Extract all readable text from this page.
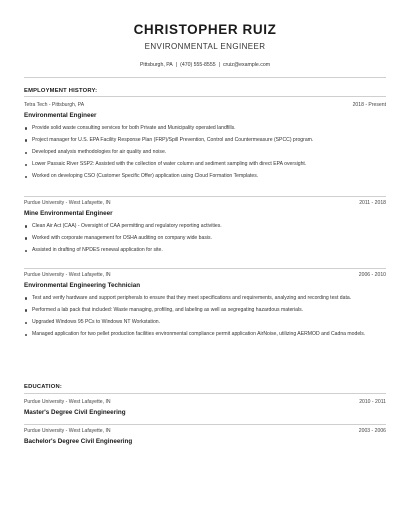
CHRISTOPHER RUIZ
ENVIRONMENTAL ENGINEER
Pittsburgh, PA | (470) 555-8555 | cruiz@example.com
EMPLOYMENT HISTORY:
Tetra Tech - Pittsburgh, PA	2018 - Present
Environmental Engineer
Provide solid waste consulting services for both Private and Municipality operated landfills.
Project manager for U.S. EPA Facility Response Plan (FRP)/Spill Prevention, Control and Countermeasure (SPCC) program.
Developed analysis methodologies for air quality and noise.
Lower Passaic River SSP2: Assisted with the collection of water column and sediment sampling with direct EPA oversight.
Worked on developing CSO (Customer Specific Offer) application using Cloud Formation Templates.
Purdue University - West Lafayette, IN	2011 - 2018
Mine Environmental Engineer
Clean Air Act (CAA) - Oversight of CAA permitting and regulatory reporting activities.
Worked with corporate management for OSHA auditing on company wide basis.
Assisted in drafting of NPDES renewal application for site.
Purdue University - West Lafayette, IN	2006 - 2010
Environmental Engineering Technician
Test and verify hardware and support peripherals to ensure that they meet specifications and requirements, analyzing and recording test data.
Performed a lab pack that included: Waste managing, profiling, and labeling as well as segregating hazardous materials.
Upgraded Windows 95 PCs to Windows NT Workstation.
Managed application for two pellet production facilities environmental compliance permit application AirNoise, utilizing AERMOD and Cadna models.
EDUCATION:
Purdue University - West Lafayette, IN	2010 - 2011
Master's Degree Civil Engineering
Purdue University - West Lafayette, IN	2003 - 2006
Bachelor's Degree Civil Engineering
